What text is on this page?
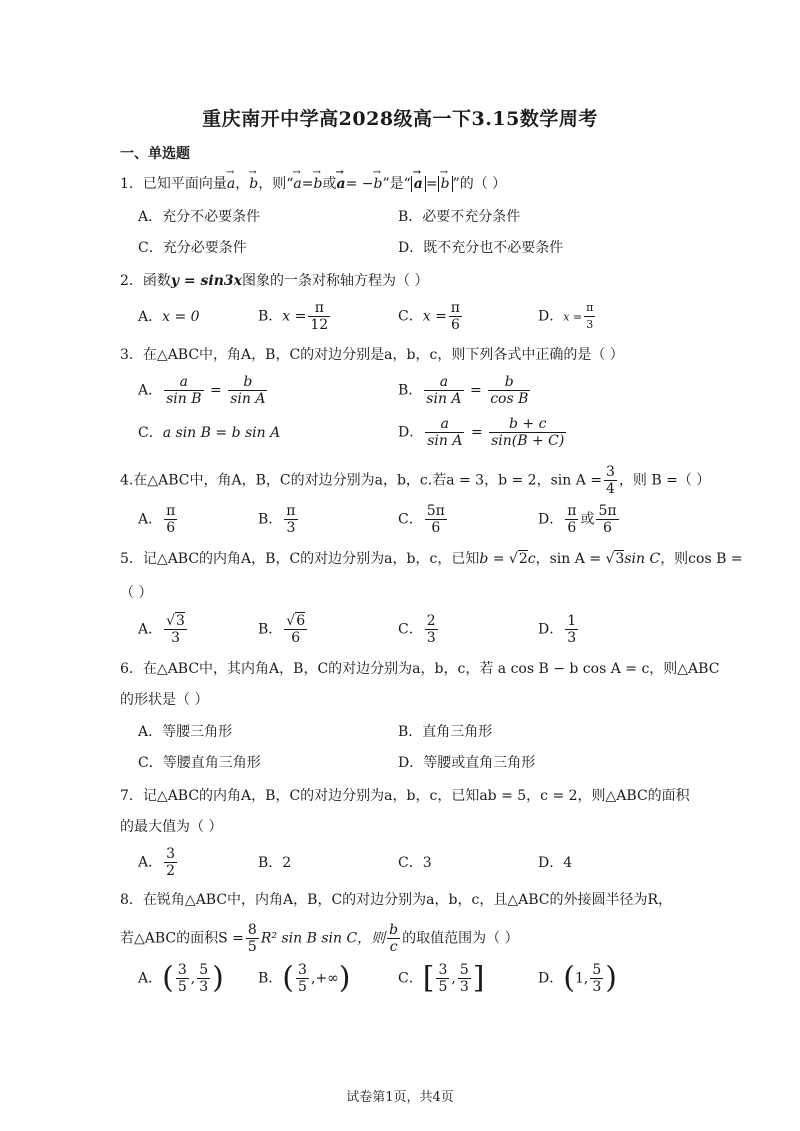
重庆南开中学高2028级高一下3.15数学周考
一、单选题
1．已知平面向量→ a，→ b，则“→ a=→ b或→ a= −→ b”是“ → a = → b ”的（ ）
A．充分不必要条件	B．必要不充分条件
C．充分必要条件	D．既不充分也不必要条件
2．函数y = sin3x图象的一条对称轴方程为（ ）
A．x = 0	B．$x = \frac{\pi}{12}$	C．$x = \frac{\pi}{6}$	D．$x = \frac{\pi}{3}$
3．在△ABC中，角A，B，C的对边分别是a，b，c，则下列各式中正确的是（ ）
A． $\frac{a}{\text{sin B}} = \frac{b}{\text{sin A}}$	B． $\frac{a}{\text{sin A}} = \frac{b}{\text{cos B}}$
C．a sin B = b sin A	D． $\frac{a}{\text{sin A}} = \frac{b + c}{\sin(B + C)}$
4.在△ABC中，角A，B，C的对边分别为a，b，c.若a = 3，b = 2，$\sin A = \frac{3}{4}$ ，则 B =（ ）
A． $\frac{\pi}{6}$	B． $\frac{\pi}{3}$	C． $\frac{5\pi}{6}$	D． $\frac{\pi}{6}$ 或 $\frac{5\pi}{6}$
5．记△ABC的内角A，B，C的对边分别为a，b，c，已知b = √2c，sin A = √3sin C，则cos B =
（ ）
A． $\frac{√3}{3}$	B． $\frac{√6}{6}$	C． $\frac{2}{3}$	D． $\frac{1}{3}$
6．在△ABC中，其内角A，B，C的对边分别为a，b，c，若 a cos B − b cos A = c，则△ABC
的形状是（ ）
A．等腰三角形	B．直角三角形
C．等腰直角三角形	D．等腰或直角三角形
7．记△ABC的内角A，B，C的对边分别为a，b，c，已知ab = 5，c = 2，则△ABC的面积
的最大值为（ ）
A． $\frac{3}{2}$	B．2	C．3	D．4
8．在锐角△ABC中，内角A，B，C的对边分别为a，b，c，且△ABC的外接圆半径为R，
若△ABC的面积$S = \frac{8}{5} R^2$ sin B sin C，则 $\frac{b}{c}$ 的取值范围为（ ）
A．( $\frac{3}{5}$ , $\frac{5}{3}$ ) B．( $\frac{3}{5}$ ,+∞)	C．[ $\frac{3}{5}$ , $\frac{5}{3}$ ]	D．(1, $\frac{5}{3}$ )
试卷第1页，共4页
